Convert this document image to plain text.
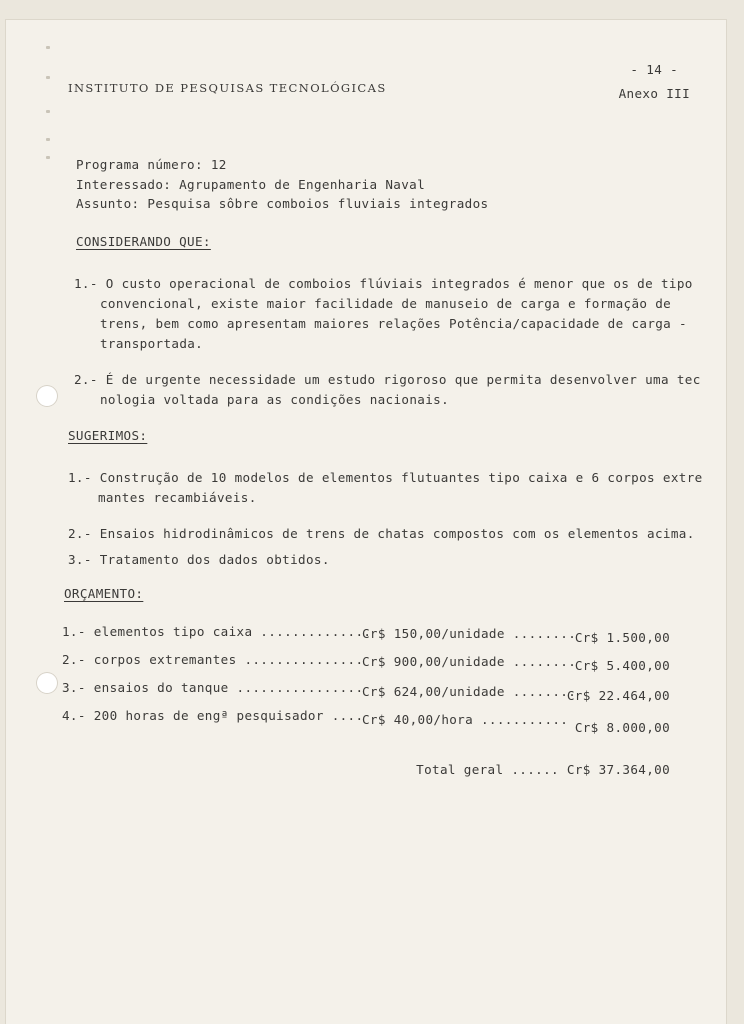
INSTITUTO DE PESQUISAS TECNOLÓGICAS
- 14 -
Anexo III
Programa número: 12
Interessado: Agrupamento de Engenharia Naval
Assunto: Pesquisa sôbre comboios fluviais integrados
CONSIDERANDO QUE:
1.- O custo operacional de comboios flúviais integrados é menor que os de tipo
convencional, existe maior facilidade de manuseio de carga e formação de
trens, bem como apresentam maiores relações Potência/capacidade de carga -
transportada.
2.- É de urgente necessidade um estudo rigoroso que permita desenvolver uma tec
nologia voltada para as condições nacionais.
SUGERIMOS:
1.- Construção de 10 modelos de elementos flutuantes tipo caixa e 6 corpos extre
mantes recambiáveis.
2.- Ensaios hidrodinâmicos de trens de chatas compostos com os elementos acima.
3.- Tratamento dos dados obtidos.
ORÇAMENTO:
1.- elementos tipo caixa ..............
Cr$ 150,00/unidade ........
Cr$ 1.500,00
2.- corpos extremantes ...............
Cr$ 900,00/unidade ........
Cr$ 5.400,00
3.- ensaios do tanque ................
Cr$ 624,00/unidade ........
Cr$ 22.464,00
4.- 200 horas de engª pesquisador ....
Cr$ 40,00/hora ...........
Cr$ 8.000,00
Total geral ...... Cr$ 37.364,00
